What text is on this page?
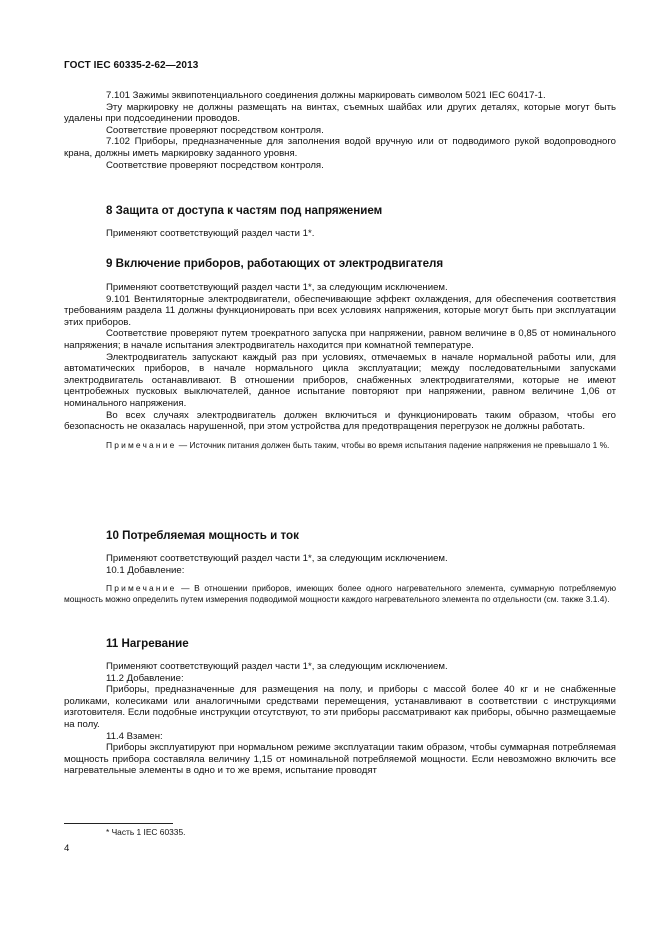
ГОСТ IEC 60335-2-62—2013

7.101 Зажимы эквипотенциального соединения должны маркировать символом 5021 IEC 60417-1.

Эту маркировку не должны размещать на винтах, съемных шайбах или других деталях, которые могут быть удалены при подсоединении проводов.

Соответствие проверяют посредством контроля.

7.102 Приборы, предназначенные для заполнения водой вручную или от подводимого рукой водопроводного крана, должны иметь маркировку заданного уровня.

Соответствие проверяют посредством контроля.

8 Защита от доступа к частям под напряжением

Применяют соответствующий раздел части 1*.

9 Включение приборов, работающих от электродвигателя

Применяют соответствующий раздел части 1*, за следующим исключением.

9.101 Вентиляторные электродвигатели, обеспечивающие эффект охлаждения, для обеспечения соответствия требованиям раздела 11 должны функционировать при всех условиях напряжения, которые могут быть при эксплуатации этих приборов.

Соответствие проверяют путем троекратного запуска при напряжении, равном величине в 0,85 от номинального напряжения; в начале испытания электродвигатель находится при комнатной температуре.

Электродвигатель запускают каждый раз при условиях, отмечаемых в начале нормальной работы или, для автоматических приборов, в начале нормального цикла эксплуатации; между последовательными запусками электродвигатель останавливают. В отношении приборов, снабженных электродвигателями, которые не имеют центробежных пусковых выключателей, данное испытание повторяют при напряжении, равном величине 1,06 от номинального напряжения.

Во всех случаях электродвигатель должен включиться и функционировать таким образом, чтобы его безопасность не оказалась нарушенной, при этом устройства для предотвращения перегрузок не должны работать.

Примечание — Источник питания должен быть таким, чтобы во время испытания падение напряжения не превышало 1 %.

10 Потребляемая мощность и ток

Применяют соответствующий раздел части 1*, за следующим исключением.

10.1 Добавление:

Примечание — В отношении приборов, имеющих более одного нагревательного элемента, суммарную потребляемую мощность можно определить путем измерения подводимой мощности каждого нагревательного элемента по отдельности (см. также 3.1.4).

11 Нагревание

Применяют соответствующий раздел части 1*, за следующим исключением.

11.2 Добавление:

Приборы, предназначенные для размещения на полу, и приборы с массой более 40 кг и не снабженные роликами, колесиками или аналогичными средствами перемещения, устанавливают в соответствии с инструкциями изготовителя. Если подобные инструкции отсутствуют, то эти приборы рассматривают как приборы, обычно размещаемые на полу.

11.4 Взамен:

Приборы эксплуатируют при нормальном режиме эксплуатации таким образом, чтобы суммарная потребляемая мощность прибора составляла величину 1,15 от номинальной потребляемой мощности. Если невозможно включить все нагревательные элементы в одно и то же время, испытание проводят

* Часть 1 IEC 60335.
4
